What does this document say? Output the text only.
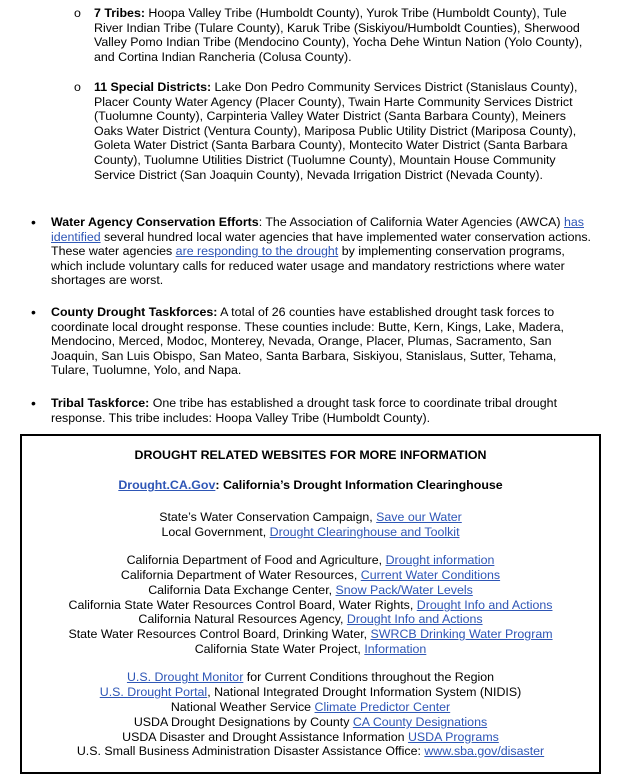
o 7 Tribes: Hoopa Valley Tribe (Humboldt County), Yurok Tribe (Humboldt County), Tule River Indian Tribe (Tulare County), Karuk Tribe (Siskiyou/Humboldt Counties), Sherwood Valley Pomo Indian Tribe (Mendocino County), Yocha Dehe Wintun Nation (Yolo County), and Cortina Indian Rancheria (Colusa County).
o 11 Special Districts: Lake Don Pedro Community Services District (Stanislaus County), Placer County Water Agency (Placer County), Twain Harte Community Services District (Tuolumne County), Carpinteria Valley Water District (Santa Barbara County), Meiners Oaks Water District (Ventura County), Mariposa Public Utility District (Mariposa County), Goleta Water District (Santa Barbara County), Montecito Water District (Santa Barbara County), Tuolumne Utilities District (Tuolumne County), Mountain House Community Service District (San Joaquin County), Nevada Irrigation District (Nevada County).
• Water Agency Conservation Efforts: The Association of California Water Agencies (AWCA) has identified several hundred local water agencies that have implemented water conservation actions. These water agencies are responding to the drought by implementing conservation programs, which include voluntary calls for reduced water usage and mandatory restrictions where water shortages are worst.
• County Drought Taskforces: A total of 26 counties have established drought task forces to coordinate local drought response. These counties include: Butte, Kern, Kings, Lake, Madera, Mendocino, Merced, Modoc, Monterey, Nevada, Orange, Placer, Plumas, Sacramento, San Joaquin, San Luis Obispo, San Mateo, Santa Barbara, Siskiyou, Stanislaus, Sutter, Tehama, Tulare, Tuolumne, Yolo, and Napa.
• Tribal Taskforce: One tribe has established a drought task force to coordinate tribal drought response. This tribe includes: Hoopa Valley Tribe (Humboldt County).
DROUGHT RELATED WEBSITES FOR MORE INFORMATION
Drought.CA.Gov: California’s Drought Information Clearinghouse
State’s Water Conservation Campaign, Save our Water
Local Government, Drought Clearinghouse and Toolkit
California Department of Food and Agriculture, Drought information
California Department of Water Resources, Current Water Conditions
California Data Exchange Center, Snow Pack/Water Levels
California State Water Resources Control Board, Water Rights, Drought Info and Actions
California Natural Resources Agency, Drought Info and Actions
State Water Resources Control Board, Drinking Water, SWRCB Drinking Water Program
California State Water Project, Information
U.S. Drought Monitor for Current Conditions throughout the Region
U.S. Drought Portal, National Integrated Drought Information System (NIDIS)
National Weather Service Climate Predictor Center
USDA Drought Designations by County CA County Designations
USDA Disaster and Drought Assistance Information USDA Programs
U.S. Small Business Administration Disaster Assistance Office: www.sba.gov/disaster
